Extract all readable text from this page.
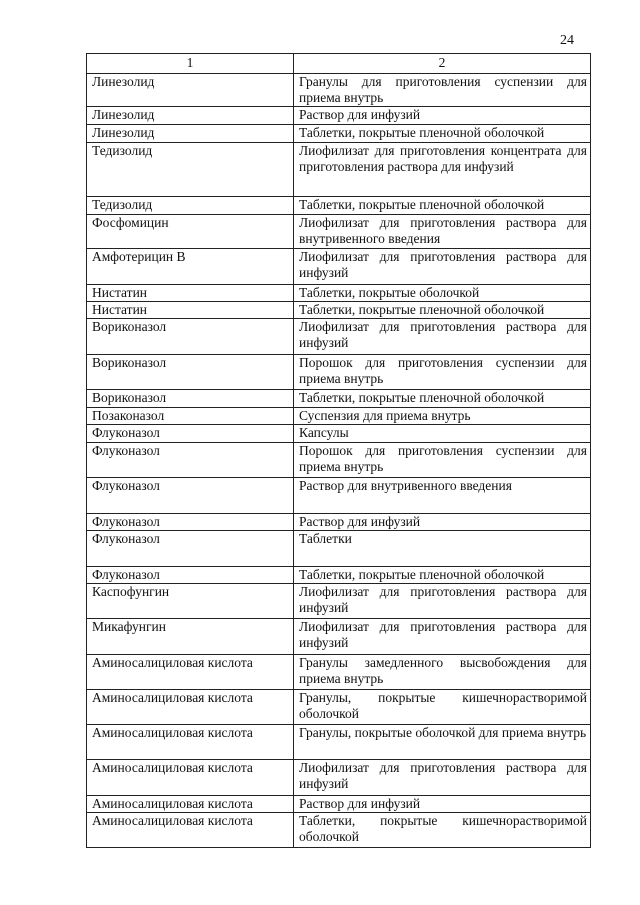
24
1	2
Линезолид	Гранулы для приготовления суспензии для приема внутрь
Линезолид	Раствор для инфузий
Линезолид	Таблетки, покрытые пленочной оболочкой
Тедизолид	Лиофилизат для приготовления концентрата для приготовления раствора для инфузий
Тедизолид	Таблетки, покрытые пленочной оболочкой
Фосфомицин	Лиофилизат для приготовления раствора для внутривенного введения
Амфотерицин В	Лиофилизат для приготовления раствора для инфузий
Нистатин	Таблетки, покрытые оболочкой
Нистатин	Таблетки, покрытые пленочной оболочкой
Вориконазол	Лиофилизат для приготовления раствора для инфузий
Вориконазол	Порошок для приготовления суспензии для приема внутрь
Вориконазол	Таблетки, покрытые пленочной оболочкой
Позаконазол	Суспензия для приема внутрь
Флуконазол	Капсулы
Флуконазол	Порошок для приготовления суспензии для приема внутрь
Флуконазол	Раствор для внутривенного введения
Флуконазол	Раствор для инфузий
Флуконазол	Таблетки
Флуконазол	Таблетки, покрытые пленочной оболочкой
Каспофунгин	Лиофилизат для приготовления раствора для инфузий
Микафунгин	Лиофилизат для приготовления раствора для инфузий
Аминосалициловая кислота	Гранулы замедленного высвобождения для приема внутрь
Аминосалициловая кислота	Гранулы, покрытые кишечнорастворимой оболочкой
Аминосалициловая кислота	Гранулы, покрытые оболочкой для приема внутрь
Аминосалициловая кислота	Лиофилизат для приготовления раствора для инфузий
Аминосалициловая кислота	Раствор для инфузий
Аминосалициловая кислота	Таблетки, покрытые кишечнорастворимой оболочкой
